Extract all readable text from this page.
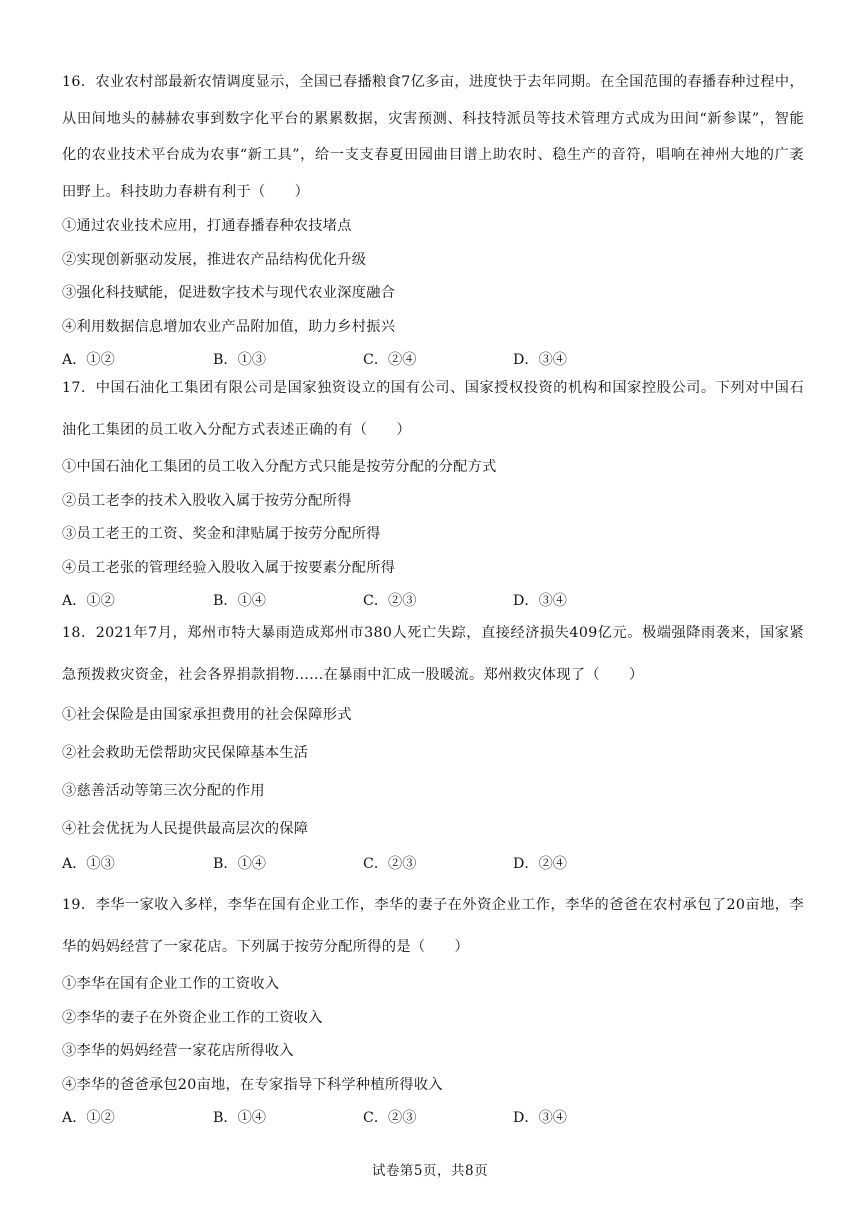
16．农业农村部最新农情调度显示，全国已春播粮食7亿多亩，进度快于去年同期。在全国范围的春播春种过程中，从田间地头的赫赫农事到数字化平台的累累数据，灾害预测、科技特派员等技术管理方式成为田间“新参谋”，智能化的农业技术平台成为农事“新工具”，给一支支春夏田园曲目谱上助农时、稳生产的音符，唱响在神州大地的广袤田野上。科技助力春耕有利于（　　）

①通过农业技术应用，打通春播春种农技堵点

②实现创新驱动发展，推进农产品结构优化升级

③强化科技赋能，促进数字技术与现代农业深度融合

④利用数据信息增加农业产品附加值，助力乡村振兴

A．①②	B．①③	C．②④	D．③④

17．中国石油化工集团有限公司是国家独资设立的国有公司、国家授权投资的机构和国家控股公司。下列对中国石油化工集团的员工收入分配方式表述正确的有（　　）

①中国石油化工集团的员工收入分配方式只能是按劳分配的分配方式

②员工老李的技术入股收入属于按劳分配所得

③员工老王的工资、奖金和津贴属于按劳分配所得

④员工老张的管理经验入股收入属于按要素分配所得

A．①②	B．①④	C．②③	D．③④

18．2021年7月，郑州市特大暴雨造成郑州市380人死亡失踪，直接经济损失409亿元。极端强降雨袭来，国家紧急预拨救灾资金，社会各界捐款捐物……在暴雨中汇成一股暖流。郑州救灾体现了（　　）

①社会保险是由国家承担费用的社会保障形式

②社会救助无偿帮助灾民保障基本生活

③慈善活动等第三次分配的作用

④社会优抚为人民提供最高层次的保障

A．①③	B．①④	C．②③	D．②④

19．李华一家收入多样，李华在国有企业工作，李华的妻子在外资企业工作，李华的爸爸在农村承包了20亩地，李华的妈妈经营了一家花店。下列属于按劳分配所得的是（　　）

①李华在国有企业工作的工资收入

②李华的妻子在外资企业工作的工资收入

③李华的妈妈经营一家花店所得收入

④李华的爸爸承包20亩地，在专家指导下科学种植所得收入

A．①②	B．①④	C．②③	D．③④
试卷第5页，共8页
